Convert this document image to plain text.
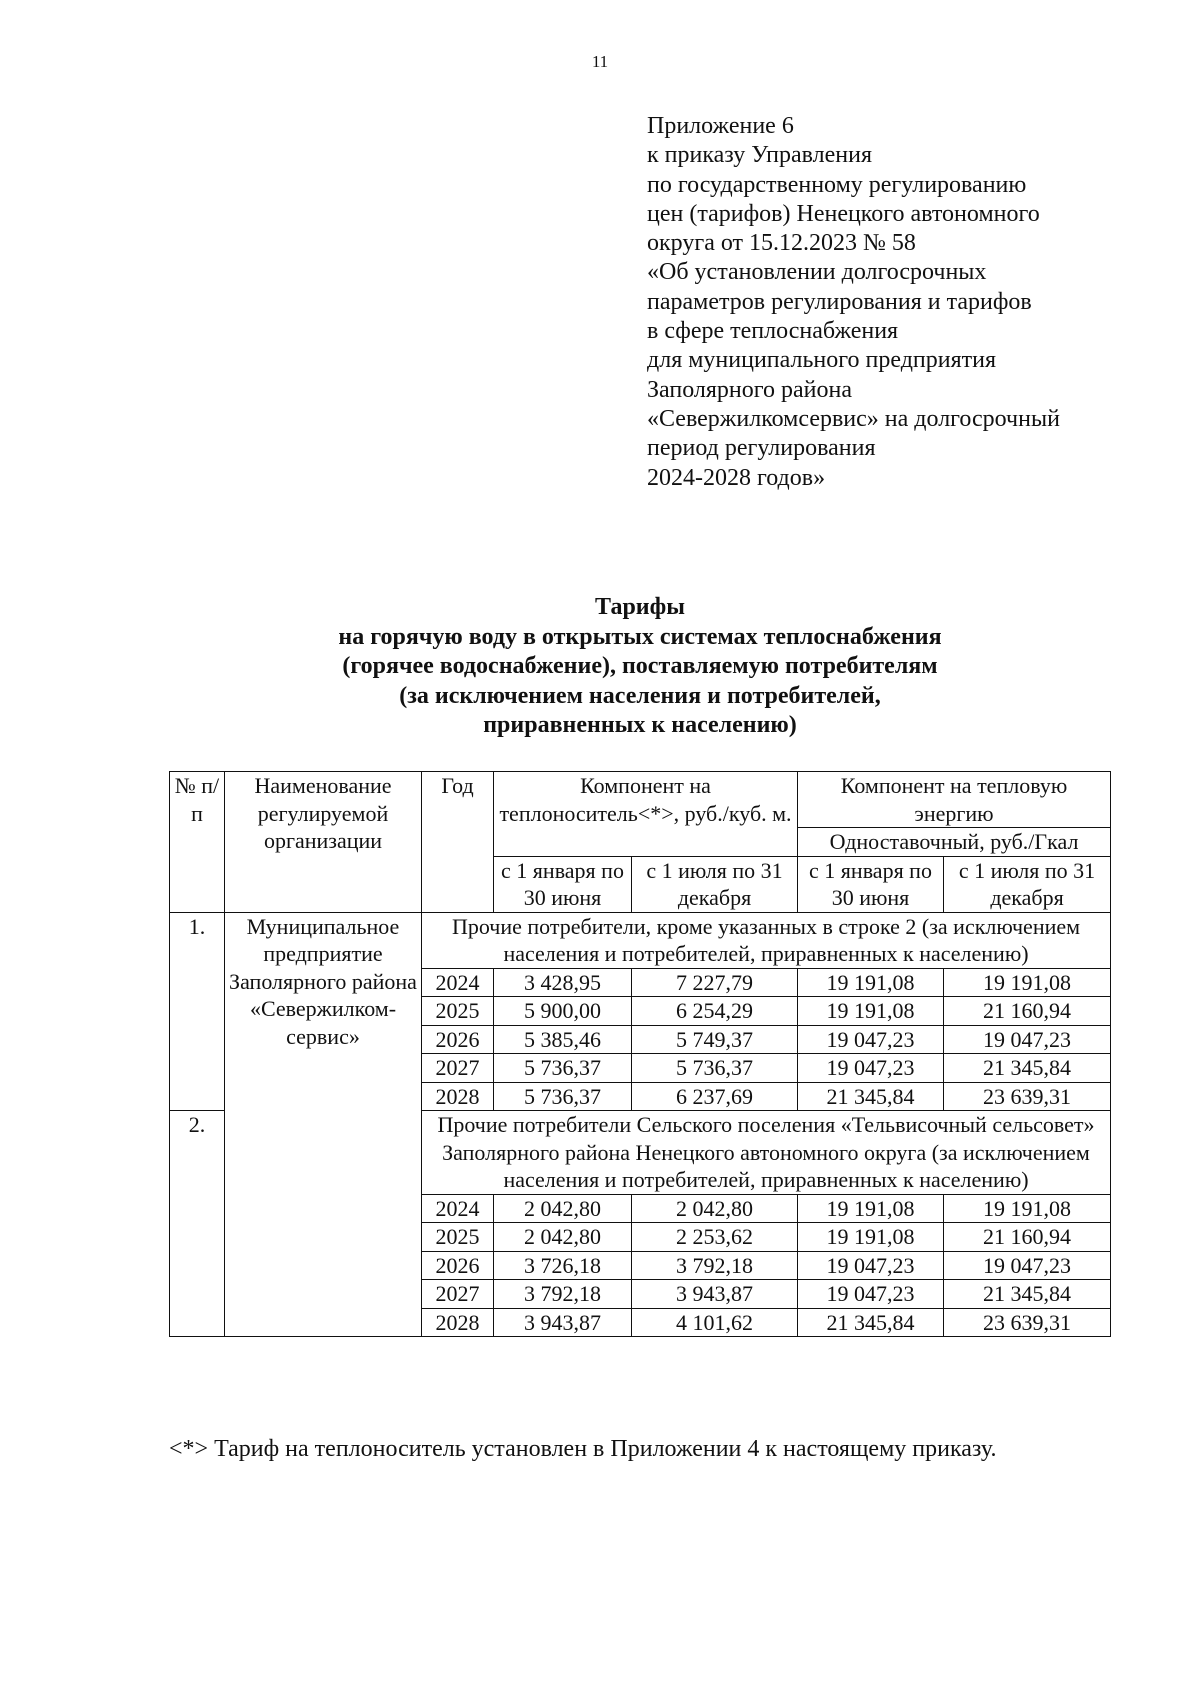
11
Приложение 6
к приказу Управления
по государственному регулированию
цен (тарифов) Ненецкого автономного
округа от 15.12.2023 № 58
«Об установлении долгосрочных
параметров регулирования и тарифов
в сфере теплоснабжения
для муниципального предприятия
Заполярного района
«Севержилкомсервис» на долгосрочный
период регулирования
2024-2028 годов»
Тарифы
на горячую воду в открытых системах теплоснабжения
(горячее водоснабжение), поставляемую потребителям
(за исключением населения и потребителей,
приравненных к населению)
№ п/п	Наименование регулируемой организации	Год	Компонент на теплоноситель<*>, руб./куб. м.		Компонент на тепловую энергию	
					Одноставочный, руб./Гкал	
			с 1 января по 30 июня	с 1 июля по 31 декабря	с 1 января по 30 июня	с 1 июля по 31 декабря
1.	Муниципальное предприятие Заполярного района «Севержилком-сервис»	Прочие потребители, кроме указанных в строке 2 (за исключением населения и потребителей, приравненных к населению)				
		2024	3 428,95	7 227,79	19 191,08	19 191,08
		2025	5 900,00	6 254,29	19 191,08	21 160,94
		2026	5 385,46	5 749,37	19 047,23	19 047,23
		2027	5 736,37	5 736,37	19 047,23	21 345,84
		2028	5 736,37	6 237,69	21 345,84	23 639,31
2.		Прочие потребители Сельского поселения «Тельвисочный сельсовет» Заполярного района Ненецкого автономного округа (за исключением населения и потребителей, приравненных к населению)				
		2024	2 042,80	2 042,80	19 191,08	19 191,08
		2025	2 042,80	2 253,62	19 191,08	21 160,94
		2026	3 726,18	3 792,18	19 047,23	19 047,23
		2027	3 792,18	3 943,87	19 047,23	21 345,84
		2028	3 943,87	4 101,62	21 345,84	23 639,31
<*> Тариф на теплоноситель установлен в Приложении 4 к настоящему приказу.
